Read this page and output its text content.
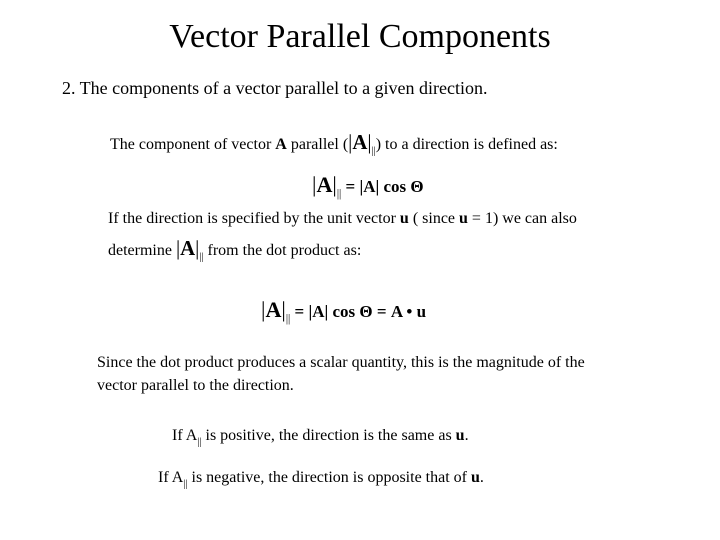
Vector Parallel Components
2. The components of a vector parallel to a given direction.
The component of vector A parallel $(|A|_{||})$ to a direction is defined as:
$|A|_{||} = |A|$ cos Θ
If the direction is specified by the unit vector u ( since u = 1) we can also
determine $|A|_{||}$ from the dot product as:
$|A|_{||} = |A|$ cos Θ = A • u
Since the dot product produces a scalar quantity, this is the magnitude of the
vector parallel to the direction.
If $A_{||}$ is positive, the direction is the same as u.
If $A_{||}$ is negative, the direction is opposite that of u.
